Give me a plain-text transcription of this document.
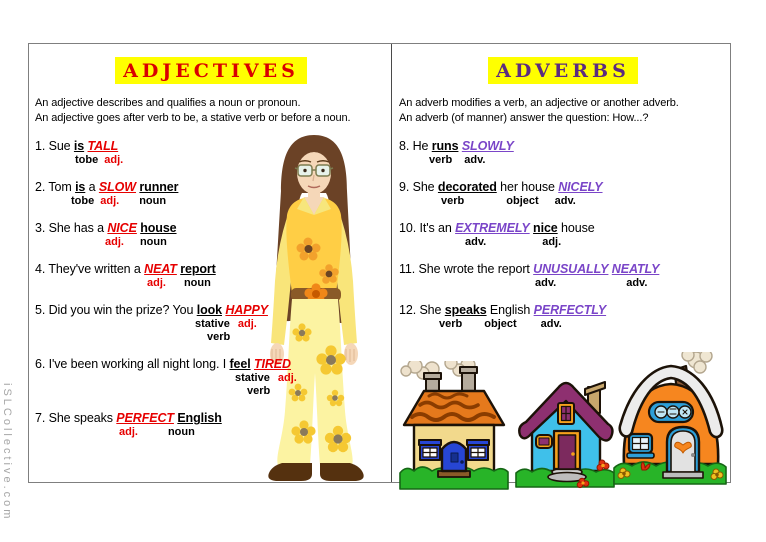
iSLCollective.com
ADJECTIVES
An adjective describes and qualifies a noun or pronoun.
An adjective goes after verb to be, a stative verb or before a noun.
1. Sue is TALL
tobe adj.
2. Tom is a SLOW runner
tobe adj. noun
3. She has a NICE house
adj. noun
4. They've written a NEAT report
adj. noun
5. Did you win the prize? You look HAPPY
stative adj.
verb
6. I've been working all night long. I feel TIRED
stative adj.
verb
7. She speaks PERFECT English
adj.	noun
ADVERBS
An adverb modifies a verb, an adjective or another adverb.
An adverb (of manner) answer the question: How...?
8. He runs SLOWLY
verb adv.
9. She decorated her house NICELY
verb	object adv.
10. It's an EXTREMELY nice house
adv.	adj.
11. She wrote the report UNUSUALLY NEATLY
adv.	adv.
12. She speaks English PERFECTLY
verb object adv.
